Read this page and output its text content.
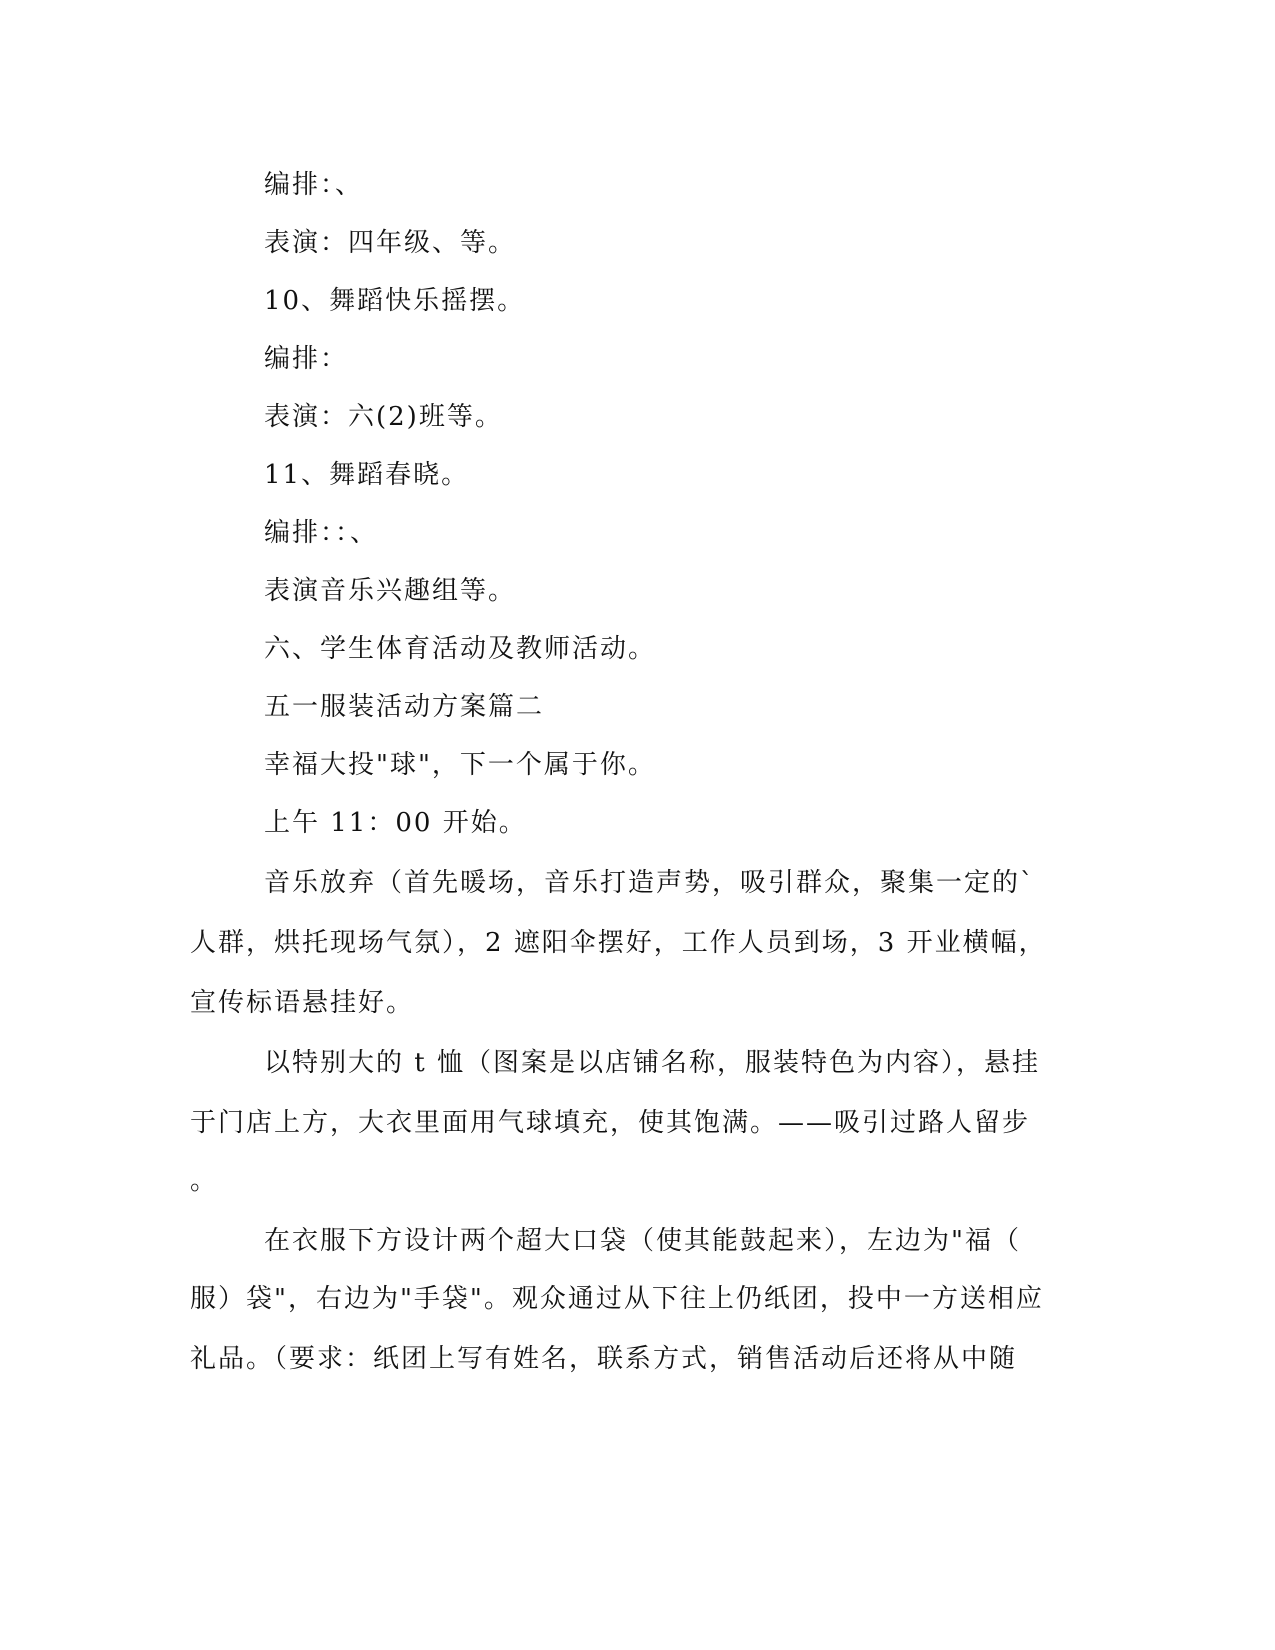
编排：、
表演：四年级、等。
10、舞蹈快乐摇摆。
编排：
表演：六(2)班等。
11、舞蹈春晓。
编排：：、
表演音乐兴趣组等。
六、学生体育活动及教师活动。
五一服装活动方案篇二
幸福大投"球"，下一个属于你。
上午 11：00 开始。
音乐放弃（首先暖场，音乐打造声势，吸引群众，聚集一定的`
人群，烘托现场气氛），2 遮阳伞摆好，工作人员到场，3 开业横幅，
宣传标语悬挂好。
以特别大的 t 恤（图案是以店铺名称，服装特色为内容），悬挂
于门店上方，大衣里面用气球填充，使其饱满。——吸引过路人留步
。
在衣服下方设计两个超大口袋（使其能鼓起来），左边为"福（
服）袋"，右边为"手袋"。观众通过从下往上仍纸团，投中一方送相应
礼品。（要求：纸团上写有姓名，联系方式，销售活动后还将从中随
